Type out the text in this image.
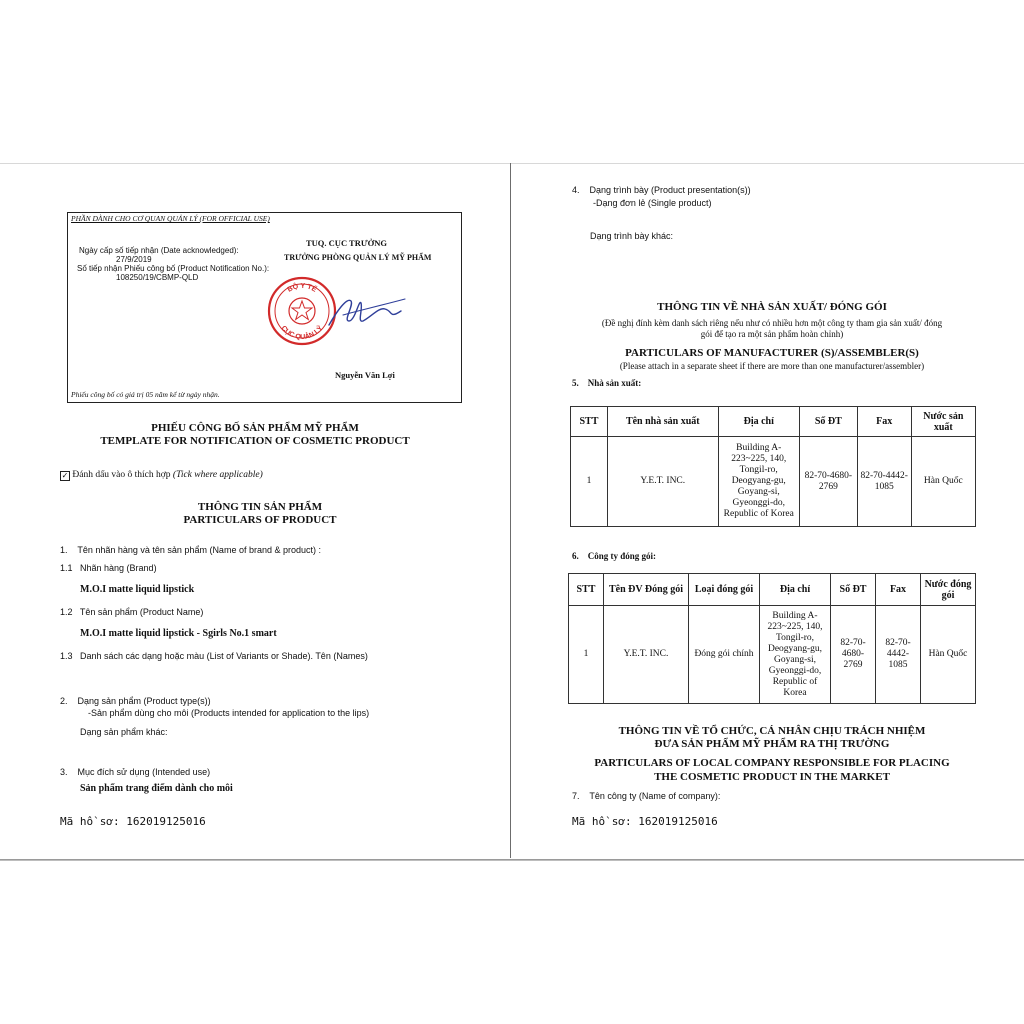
PHẦN DÀNH CHO CƠ QUAN QUẢN LÝ (FOR OFFICIAL USE)
Ngày cấp số tiếp nhận (Date acknowledged):
27/9/2019
Số tiếp nhận Phiếu công bố (Product Notification No.):
108250/19/CBMP-QLD
TUQ. CỤC TRƯỞNG
TRƯỞNG PHÒNG QUẢN LÝ MỸ PHẨM
BỘ Y TẾ
CỤC QUẢN LÝ
Nguyễn Văn Lợi
Phiếu công bố có giá trị 05 năm kể từ ngày nhận.
PHIẾU CÔNG BỐ SẢN PHẨM MỸ PHẨM
TEMPLATE FOR NOTIFICATION OF COSMETIC PRODUCT
✓ Đánh dấu vào ô thích hợp (Tick where applicable)
THÔNG TIN SẢN PHẨM
PARTICULARS OF PRODUCT
1.    Tên nhãn hàng và tên sản phẩm (Name of brand & product) :
1.1   Nhãn hàng (Brand)
M.O.I matte liquid lipstick
1.2   Tên sản phẩm (Product Name)
M.O.I matte liquid lipstick - Sgirls No.1 smart
1.3   Danh sách các dạng hoặc màu (List of Variants or Shade). Tên (Names)
2.    Dạng sản phẩm (Product type(s))
-Sản phẩm dùng cho môi (Products intended for application to the lips)
Dạng sản phẩm khác:
3.    Mục đích sử dụng (Intended use)
Sản phẩm trang điểm dành cho môi
Mã hồ sơ: 162019125016
4.    Dạng trình bày (Product presentation(s))
-Dạng đơn lẻ (Single product)
Dạng trình bày khác:
THÔNG TIN VỀ NHÀ SẢN XUẤT/ ĐÓNG GÓI
(Đề nghị đính kèm danh sách riêng nếu như có nhiều hơn một công ty tham gia sản xuất/ đóng
gói để tạo ra một sản phẩm hoàn chỉnh)
PARTICULARS OF MANUFACTURER (S)/ASSEMBLER(S)
(Please attach in a separate sheet if there are more than one manufacturer/assembler)
5.    Nhà sản xuất:
STT	Tên nhà sản xuất	Địa chỉ	Số ĐT	Fax	Nước sản xuất
1	Y.E.T. INC.	Building A-223~225, 140, Tongil-ro, Deogyang-gu, Goyang-si, Gyeonggi-do, Republic of Korea	82-70-4680-2769	82-70-4442-1085	Hàn Quốc
6.    Công ty đóng gói:
STT	Tên ĐV Đóng gói	Loại đóng gói	Địa chỉ	Số ĐT	Fax	Nước đóng gói
1	Y.E.T. INC.	Đóng gói chính	Building A-223~225, 140, Tongil-ro, Deogyang-gu, Goyang-si, Gyeonggi-do, Republic of Korea	82-70-4680-2769	82-70-4442-1085	Hàn Quốc
THÔNG TIN VỀ TỔ CHỨC, CÁ NHÂN CHỊU TRÁCH NHIỆM
ĐƯA SẢN PHẨM MỸ PHẨM RA THỊ TRƯỜNG
PARTICULARS OF LOCAL COMPANY RESPONSIBLE FOR PLACING
THE COSMETIC PRODUCT IN THE MARKET
7.    Tên công ty (Name of company):
Mã hồ sơ: 162019125016
